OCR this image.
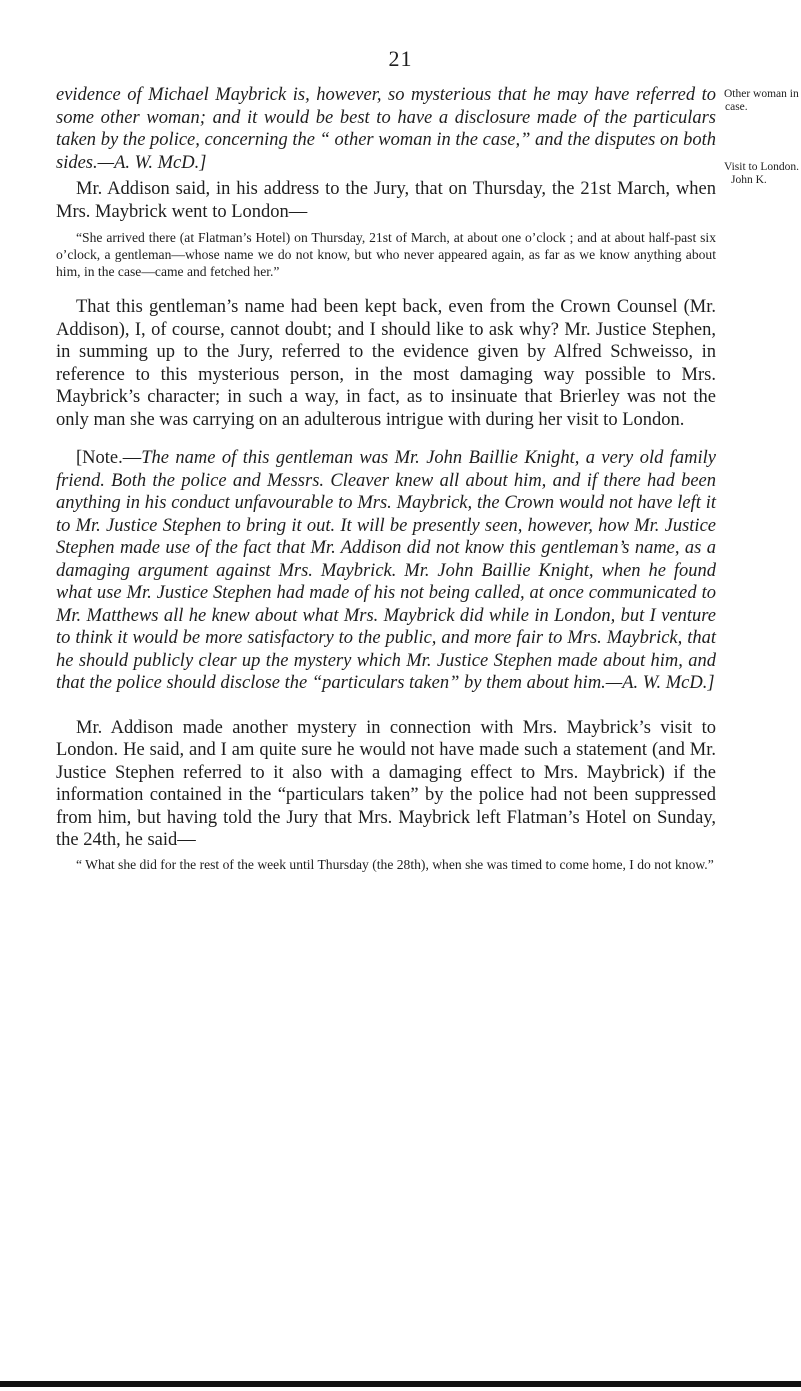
21
Other woman in
case.
Visit to London.
John K.

evidence of Michael Maybrick is, however, so mysterious that he may have referred to some other woman; and it would be best to have a disclosure made of the particulars taken by the police, concerning the “ other woman in the case,” and the disputes on both sides.—A. W. McD.]

Mr. Addison said, in his address to the Jury, that on Thursday, the 21st March, when Mrs. Maybrick went to London—

“She arrived there (at Flatman’s Hotel) on Thursday, 21st of March, at about one o’clock ; and at about half-past six o’clock, a gentleman—whose name we do not know, but who never appeared again, as far as we know anything about him, in the case—came and fetched her.”

That this gentleman’s name had been kept back, even from the Crown Counsel (Mr. Addison), I, of course, cannot doubt; and I should like to ask why? Mr. Justice Stephen, in summing up to the Jury, referred to the evidence given by Alfred Schweisso, in reference to this mysterious person, in the most damaging way possible to Mrs. Maybrick’s character; in such a way, in fact, as to insinuate that Brierley was not the only man she was carrying on an adulterous intrigue with during her visit to London.

[Note.—The name of this gentleman was Mr. John Baillie Knight, a very old family friend. Both the police and Messrs. Cleaver knew all about him, and if there had been anything in his conduct unfavourable to Mrs. Maybrick, the Crown would not have left it to Mr. Justice Stephen to bring it out. It will be presently seen, however, how Mr. Justice Stephen made use of the fact that Mr. Addison did not know this gentleman’s name, as a damaging argument against Mrs. Maybrick. Mr. John Baillie Knight, when he found what use Mr. Justice Stephen had made of his not being called, at once communicated to Mr. Matthews all he knew about what Mrs. Maybrick did while in London, but I venture to think it would be more satisfactory to the public, and more fair to Mrs. Maybrick, that he should publicly clear up the mystery which Mr. Justice Stephen made about him, and that the police should disclose the “particulars taken” by them about him.—A. W. McD.]

Mr. Addison made another mystery in connection with Mrs. Maybrick’s visit to London. He said, and I am quite sure he would not have made such a statement (and Mr. Justice Stephen referred to it also with a damaging effect to Mrs. Maybrick) if the information contained in the “particulars taken” by the police had not been suppressed from him, but having told the Jury that Mrs. Maybrick left Flatman’s Hotel on Sunday, the 24th, he said—

“ What she did for the rest of the week until Thursday (the 28th), when she was timed to come home, I do not know.”
